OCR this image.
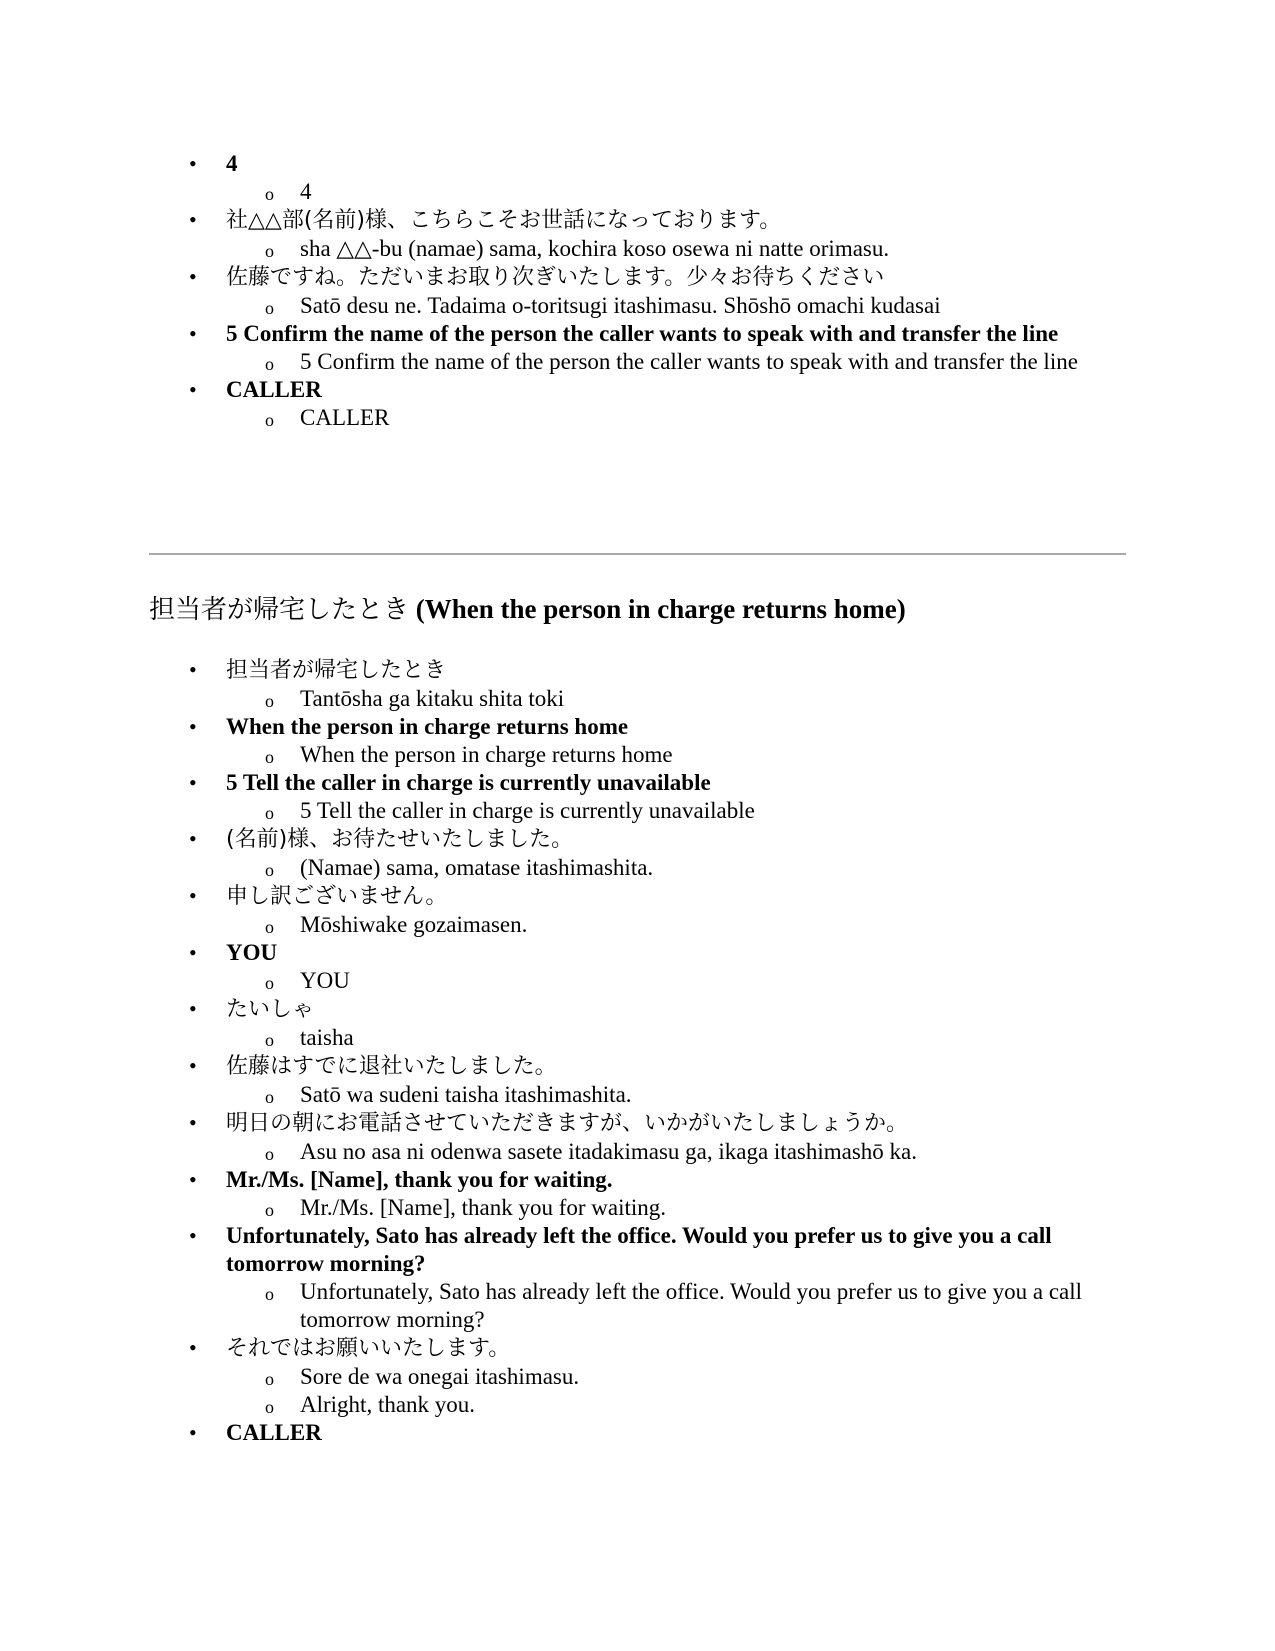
• 4
o 4
• 社△△部(名前)様、こちらこそお世話になっております。
o sha △△-bu (namae) sama, kochira koso osewa ni natte orimasu.
• 佐藤ですね。ただいまお取り次ぎいたします。少々お待ちください
o Satō desu ne. Tadaima o-toritsugi itashimasu. Shōshō omachi kudasai
• 5 Confirm the name of the person the caller wants to speak with and transfer the line
o 5 Confirm the name of the person the caller wants to speak with and transfer the line
• CALLER
o CALLER
担当者が帰宅したとき (When the person in charge returns home)
• 担当者が帰宅したとき
o Tantōsha ga kitaku shita toki
• When the person in charge returns home
o When the person in charge returns home
• 5 Tell the caller in charge is currently unavailable
o 5 Tell the caller in charge is currently unavailable
• (名前)様、お待たせいたしました。
o (Namae) sama, omatase itashimashita.
• 申し訳ございません。
o Mōshiwake gozaimasen.
• YOU
o YOU
• たいしゃ
o taisha
• 佐藤はすでに退社いたしました。
o Satō wa sudeni taisha itashimashita.
• 明日の朝にお電話させていただきますが、いかがいたしましょうか。
o Asu no asa ni odenwa sasete itadakimasu ga, ikaga itashimashō ka.
• Mr./Ms. [Name], thank you for waiting.
o Mr./Ms. [Name], thank you for waiting.
• Unfortunately, Sato has already left the office. Would you prefer us to give you a call tomorrow morning?
o Unfortunately, Sato has already left the office. Would you prefer us to give you a call tomorrow morning?
• それではお願いいたします。
o Sore de wa onegai itashimasu.
o Alright, thank you.
• CALLER
